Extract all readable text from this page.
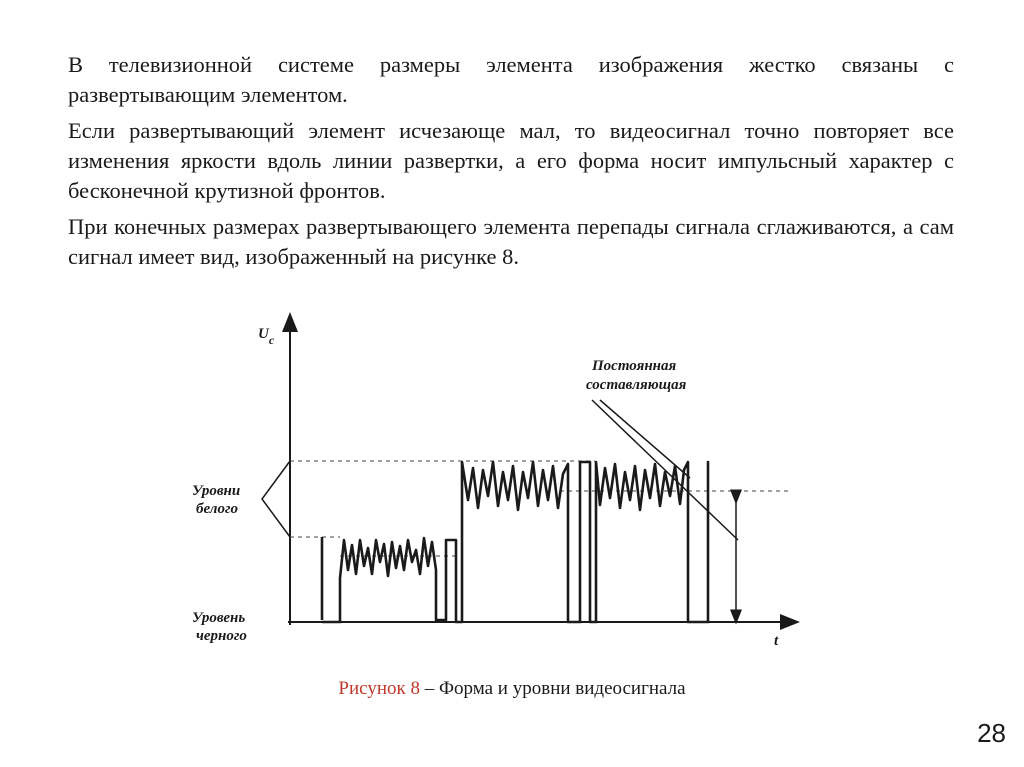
В телевизионной системе размеры элемента изображения жестко связаны с развертывающим элементом.

Если развертывающий элемент исчезающе мал, то видеосигнал точно повторяет все изменения яркости вдоль линии развертки, а его форма носит импульсный характер с бесконечной крутизной фронтов.

При конечных размерах развертывающего элемента перепады сигнала сглаживаются, а сам сигнал имеет вид, изображенный на рисунке 8.

$U_c$
t
Уровни
белого
Уровень
черного
Постоянная
составляющая
Рисунок 8 – Форма и уровни видеосигнала
28
